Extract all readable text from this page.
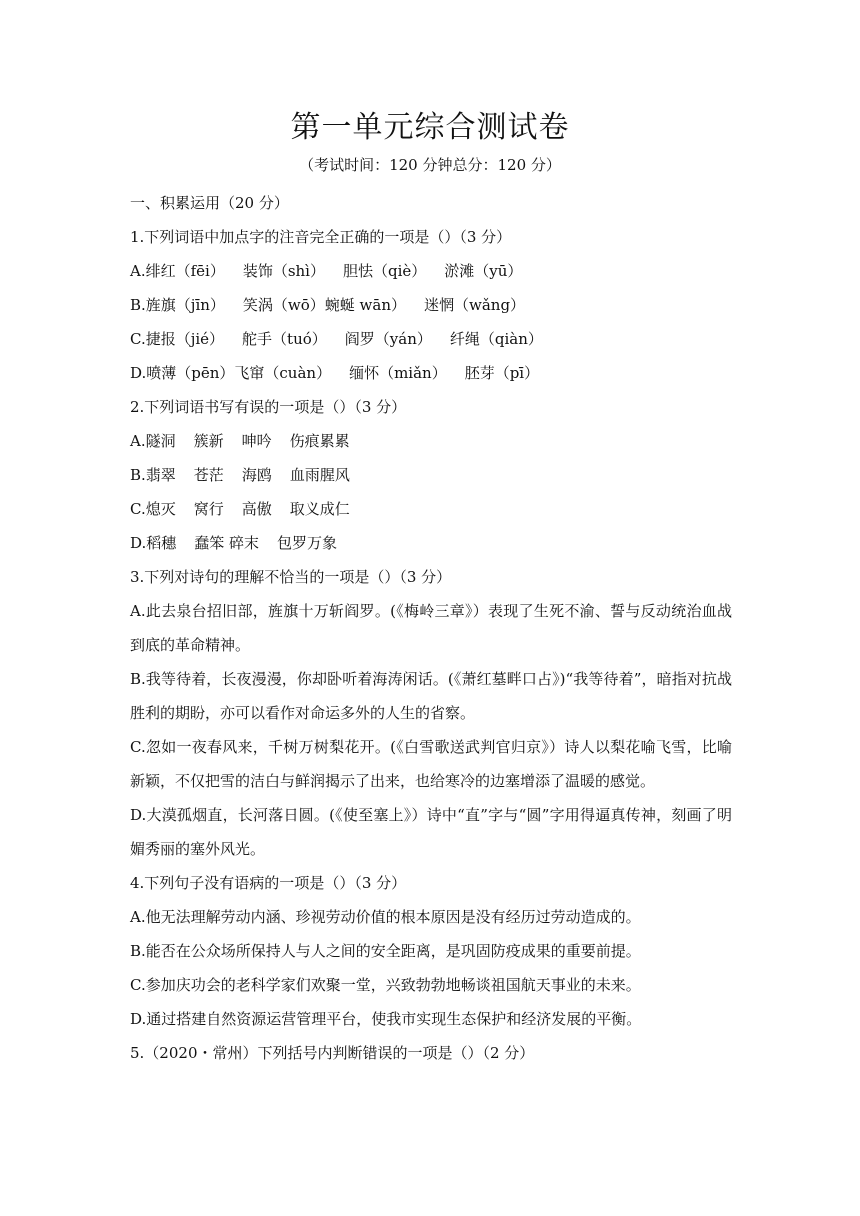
第一单元综合测试卷
（考试时间：120 分钟总分：120 分）

一、积累运用（20 分）

1.下列词语中加点字的注音完全正确的一项是（）（3 分）

A.绯红（fēi） 装饰（shì） 胆怯（qiè） 淤滩（yū）

B.旌旗（jīn） 笑涡（wō）蜿蜒 wān） 迷惘（wǎng）

C.捷报（jié） 舵手（tuó） 阎罗（yán） 纤绳（qiàn）

D.喷薄（pēn）飞窜（cuàn） 缅怀（miǎn） 胚芽（pī）

2.下列词语书写有误的一项是（）（3 分）

A.隧洞 簇新 呻吟 伤痕累累

B.翡翠 苍茫 海鸥 血雨腥风

C.熄灭 窝行 高傲 取义成仁

D.稻穗 蠢笨 碎末 包罗万象

3.下列对诗句的理解不恰当的一项是（）（3 分）

A.此去泉台招旧部，旌旗十万斩阎罗。(《梅岭三章》）表现了生死不渝、誓与反动统治血战到底的革命精神。

B.我等待着，长夜漫漫，你却卧听着海涛闲话。(《萧红墓畔口占》)“我等待着”，暗指对抗战胜利的期盼，亦可以看作对命运多外的人生的省察。

C.忽如一夜春风来，千树万树梨花开。(《白雪歌送武判官归京》）诗人以梨花喻飞雪，比喻新颖，不仅把雪的洁白与鲜润揭示了出来，也给寒冷的边塞增添了温暖的感觉。

D.大漠孤烟直，长河落日圆。(《使至塞上》）诗中“直”字与“圆”字用得逼真传神，刻画了明媚秀丽的塞外风光。

4.下列句子没有语病的一项是（）（3 分）

A.他无法理解劳动内涵、珍视劳动价值的根本原因是没有经历过劳动造成的。

B.能否在公众场所保持人与人之间的安全距离，是巩固防疫成果的重要前提。

C.参加庆功会的老科学家们欢聚一堂，兴致勃勃地畅谈祖国航天事业的未来。

D.通过搭建自然资源运营管理平台，使我市实现生态保护和经济发展的平衡。

5.（2020・常州）下列括号内判断错误的一项是（）（2 分）
